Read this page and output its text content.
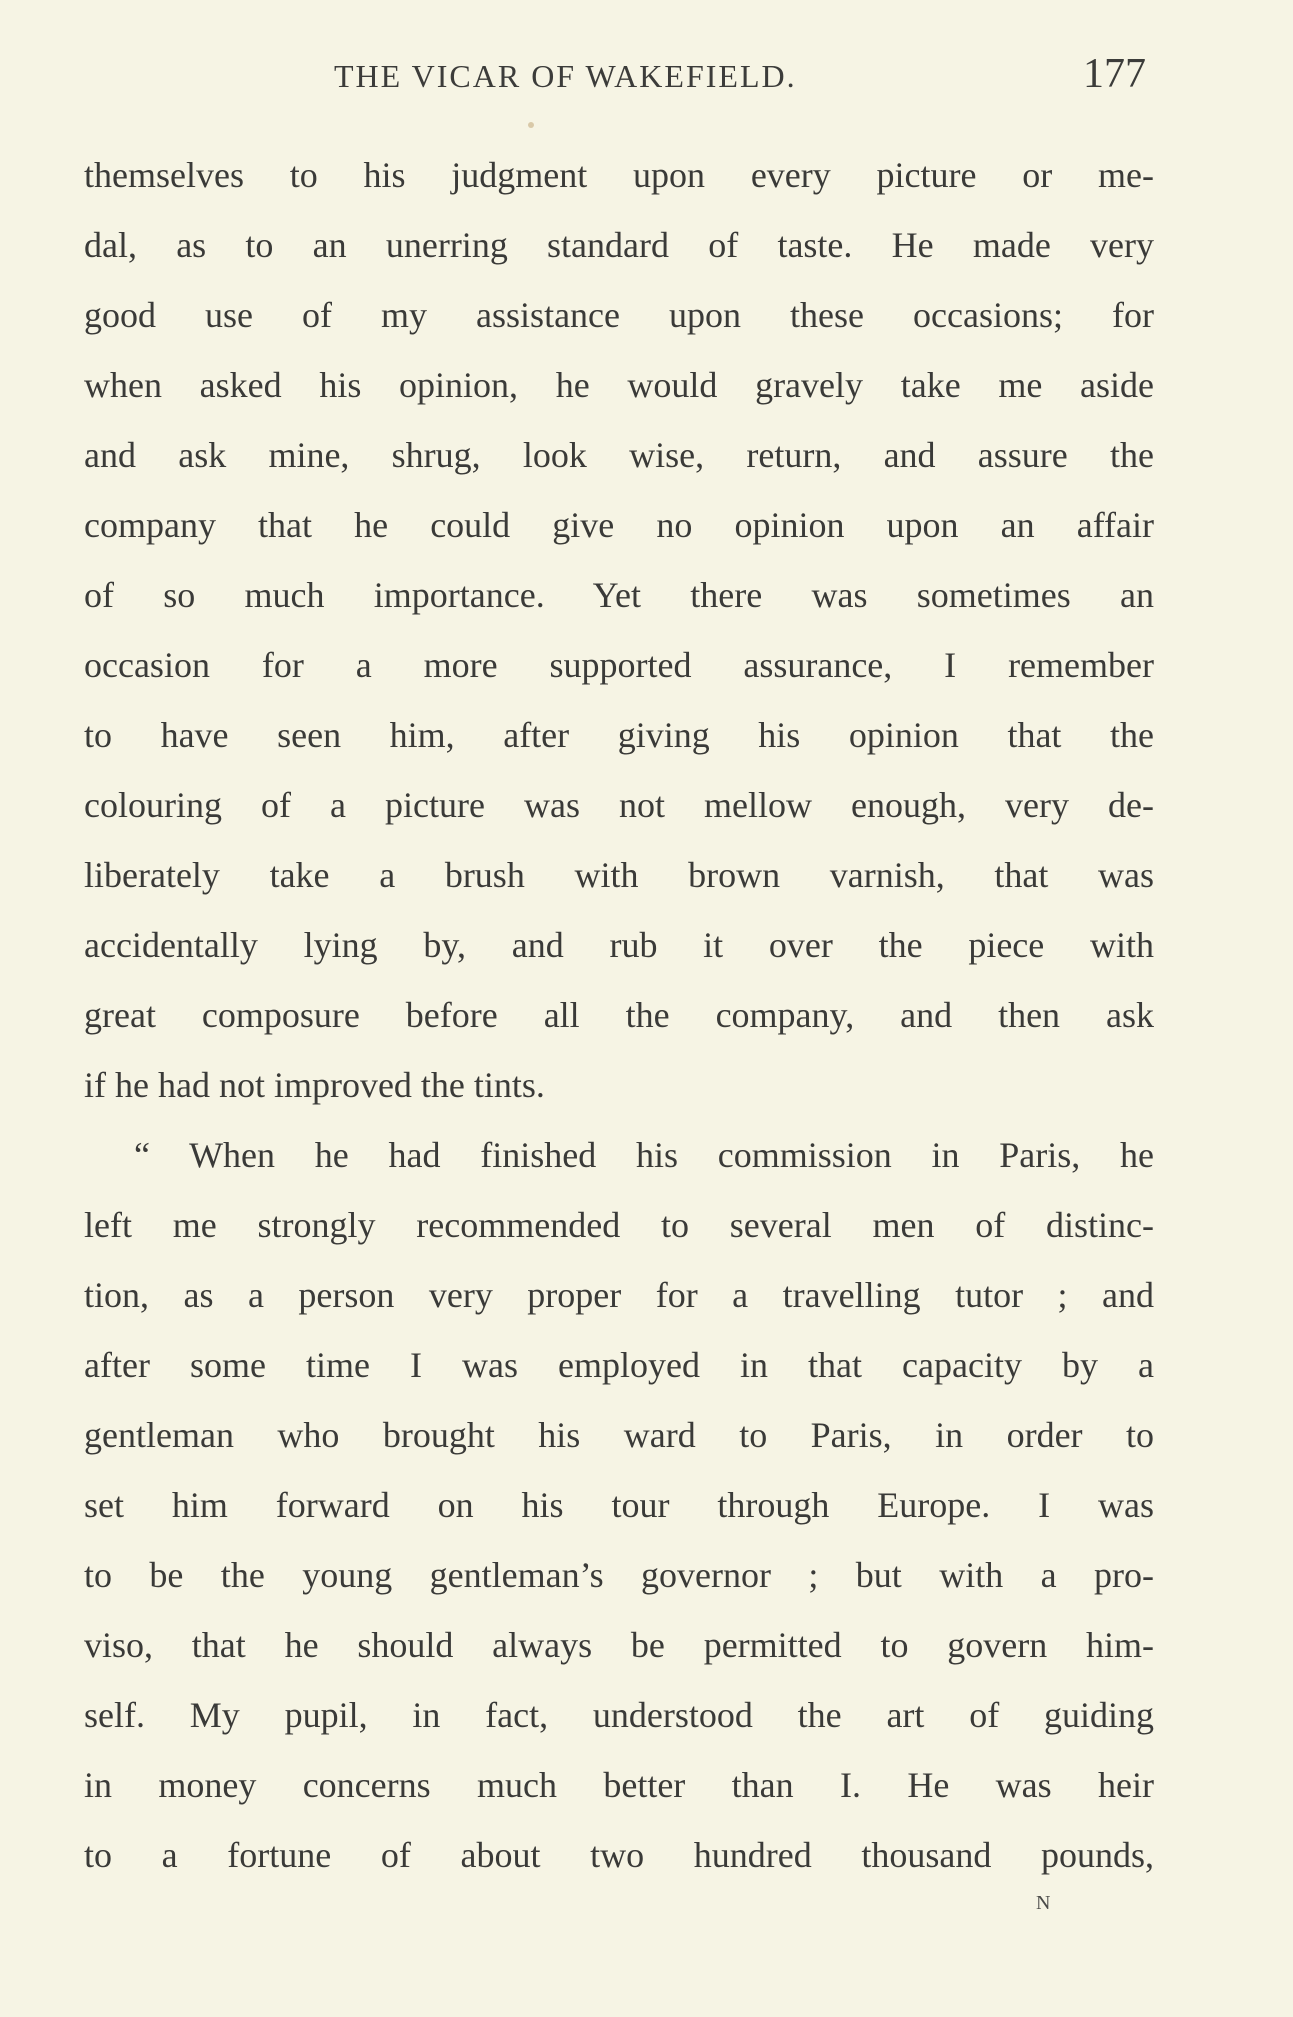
THE VICAR OF WAKEFIELD.	177
themselves to his judgment upon every picture or me-
dal, as to an unerring standard of taste. He made very
good use of my assistance upon these occasions; for
when asked his opinion, he would gravely take me aside
and ask mine, shrug, look wise, return, and assure the
company that he could give no opinion upon an affair
of so much importance. Yet there was sometimes an
occasion for a more supported assurance, I remember
to have seen him, after giving his opinion that the
colouring of a picture was not mellow enough, very de-
liberately take a brush with brown varnish, that was
accidentally lying by, and rub it over the piece with
great composure before all the company, and then ask
if he had not improved the tints.
“ When he had finished his commission in Paris, he
left me strongly recommended to several men of distinc-
tion, as a person very proper for a travelling tutor ; and
after some time I was employed in that capacity by a
gentleman who brought his ward to Paris, in order to
set him forward on his tour through Europe. I was
to be the young gentleman’s governor ; but with a pro-
viso, that he should always be permitted to govern him-
self. My pupil, in fact, understood the art of guiding
in money concerns much better than I. He was heir
to a fortune of about two hundred thousand pounds,
N
